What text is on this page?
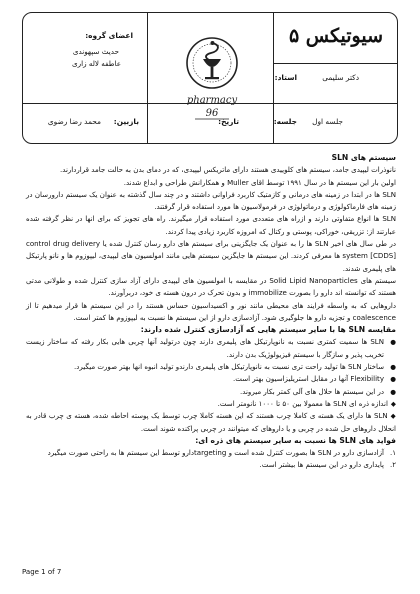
سیوتیکس ۵
استاد:	دکتر سلیمی
جلسه: جلسه اول
تاریخ:
بازبین:
محمد رضا رضوی
اعضای گروه:
حدیث سپهوندی
عاطفه لاله زاری
pharmacy
96

سیستم های SLN

نانوذرات لیپیدی جامد، سیستم های کلوییدی هستند دارای ماتریکس لیپیدی، که در دمای بدن به حالت جامد قراردارند.

اولین بار این سیستم ها در سال ۱۹۹۱ توسط اقای Muller و همکارانش طراحی و ابداع شدند.

SLN ها در ابتدا در زمینه های درمانی و کازمتیک کاربرد فراوانی داشتند و در چند سال گذشته به عنوان یک سیستم دارورسان در زمینه های فارماکولوژی و درماتولوژی در فرمولاسیون ها مورد استفاده قرار گرفتند.

SLN ها انواع متفاوتی دارند و ازراه های متعددی مورد استفاده قرار میگیرند. راه های تجویز که برای انها در نظر گرفته شده عبارتند از: تزریقی، خوراکی، پوستی و رکتال که امروزه کاربرد زیادی پیدا کردند.

در طی سال های اخیر SLN ها را به عنوان یک جایگزینی برای سیستم های دارو رسان کنترل شده یا control drug delivery system [CDDS] ها معرفی کردند. این سیستم ها جایگزین سیستم هایی مانند امولسیون های لیپیدی، لیپوزوم ها و نانو پارتیکل های پلیمری شدند.

سیستم های Solid Lipid Nanoparticles در مقایسه با امولسیون های لیپیدی دارای آزاد سازی کنترل شده و طولانی مدتی هستند که توانسته اند دارو را بصورت immobilize و بدون تحرک در درون هسته ی خود، دربرآورند.

داروهایی که به واسطه فرایند های محیطی مانند نور و اکسیداسیون حساس هستند را در این سیستم ها قرار میدهیم تا از coalescence و تجزیه دارو ها جلوگیری شود. آزادسازی دارو از این سیستم ها نسبت به لیپوزوم ها کمتر است.

مقایسه SLN ها با سایر سیستم هایی که آزادسازی کنترل شده دارند:

● SLN ها سمیت کمتری نسبت به نانوپارتیکل های پلیمری دارند چون درتولید آنها چربی هایی بکار رفته که ساختار زیست تخریب پذیر و سازگار با سیستم فیزیولوژیک بدن دارند.
● ساختار SLN ها تولید راحت تری نسبت به نانوپارتیکل های پلیمری دارندو تولید انبوه انها بهتر صورت میگیرد.
● Flexibility آنها در مقابل استریلیزاسیون بهتر است.
● در این سیستم ها حلال های آلی کمتر بکار میروند.

◆اندازه ذره ای SLN ها معمولا بین ۵۰ تا ۱۰۰۰ نانومتر است.

◆SLN ها دارای یک هسته ی کاملا چرب هستند که این هسته کاملا چرب توسط یک پوسته احاطه شده، هسته ی چرب قادر به انحلال داروهای حل شده در چربی و یا داروهای که میتوانند در چربی پراکنده شوند است.

فواید های SLN ها نسبت به سایر سیستم های ذره ای:

۱.
آزادسازی دارو در SLN ها بصورت کنترل شده است و targetingدارو توسط این سیستم ها به راحتی صورت میگیرد
۲.
پایداری دارو در این سیستم ها بیشتر است.
Page 1 of 7
